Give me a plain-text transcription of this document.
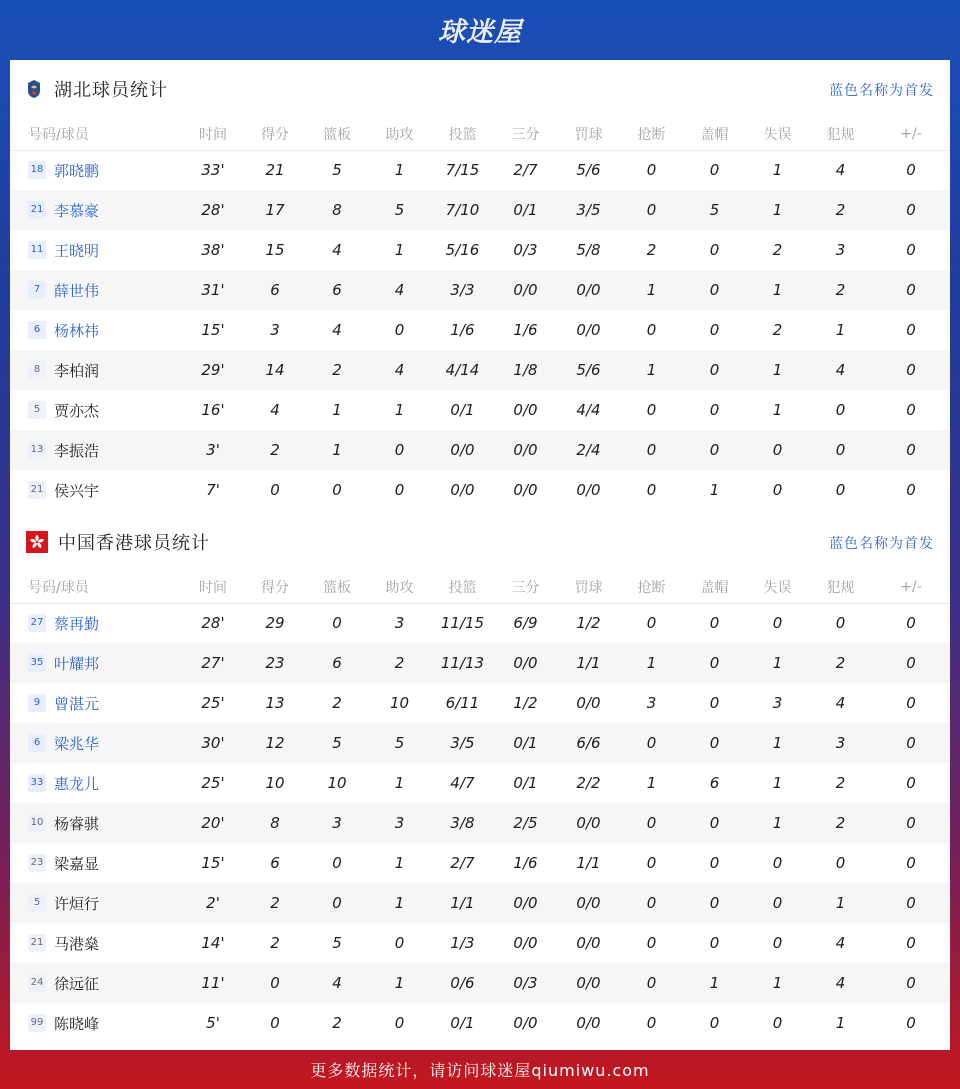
球迷屋
湖北球员统计	蓝色名称为首发
号码/球员	时间	得分	篮板	助攻	投篮	三分	罚球	抢断	盖帽	失误	犯规	+/-
18 郭晓鹏	33'	21	5	1	7/15	2/7	5/6	0	0	1	4	0
21 李慕豪	28'	17	8	5	7/10	0/1	3/5	0	5	1	2	0
11 王晓明	38'	15	4	1	5/16	0/3	5/8	2	0	2	3	0
7 薛世伟	31'	6	6	4	3/3	0/0	0/0	1	0	1	2	0
6 杨林祎	15'	3	4	0	1/6	1/6	0/0	0	0	2	1	0
8 李柏润	29'	14	2	4	4/14	1/8	5/6	1	0	1	4	0
5 贾亦杰	16'	4	1	1	0/1	0/0	4/4	0	0	1	0	0
13 李振浩	3'	2	1	0	0/0	0/0	2/4	0	0	0	0	0
21 侯兴宇	7'	0	0	0	0/0	0/0	0/0	0	1	0	0	0
中国香港球员统计	蓝色名称为首发
号码/球员	时间	得分	篮板	助攻	投篮	三分	罚球	抢断	盖帽	失误	犯规	+/-
27 蔡再勤	28'	29	0	3	11/15	6/9	1/2	0	0	0	0	0
35 叶耀邦	27'	23	6	2	11/13	0/0	1/1	1	0	1	2	0
9 曾湛元	25'	13	2	10	6/11	1/2	0/0	3	0	3	4	0
6 梁兆华	30'	12	5	5	3/5	0/1	6/6	0	0	1	3	0
33 惠龙儿	25'	10	10	1	4/7	0/1	2/2	1	6	1	2	0
10 杨睿骐	20'	8	3	3	3/8	2/5	0/0	0	0	1	2	0
23 梁嘉显	15'	6	0	1	2/7	1/6	1/1	0	0	0	0	0
5 许烜行	2'	2	0	1	1/1	0/0	0/0	0	0	0	1	0
21 马港燊	14'	2	5	0	1/3	0/0	0/0	0	0	0	4	0
24 徐远征	11'	0	4	1	0/6	0/3	0/0	0	1	1	4	0
99 陈晓峰	5'	0	2	0	0/1	0/0	0/0	0	0	0	1	0
更多数据统计，请访问球迷屋qiumiwu.com
